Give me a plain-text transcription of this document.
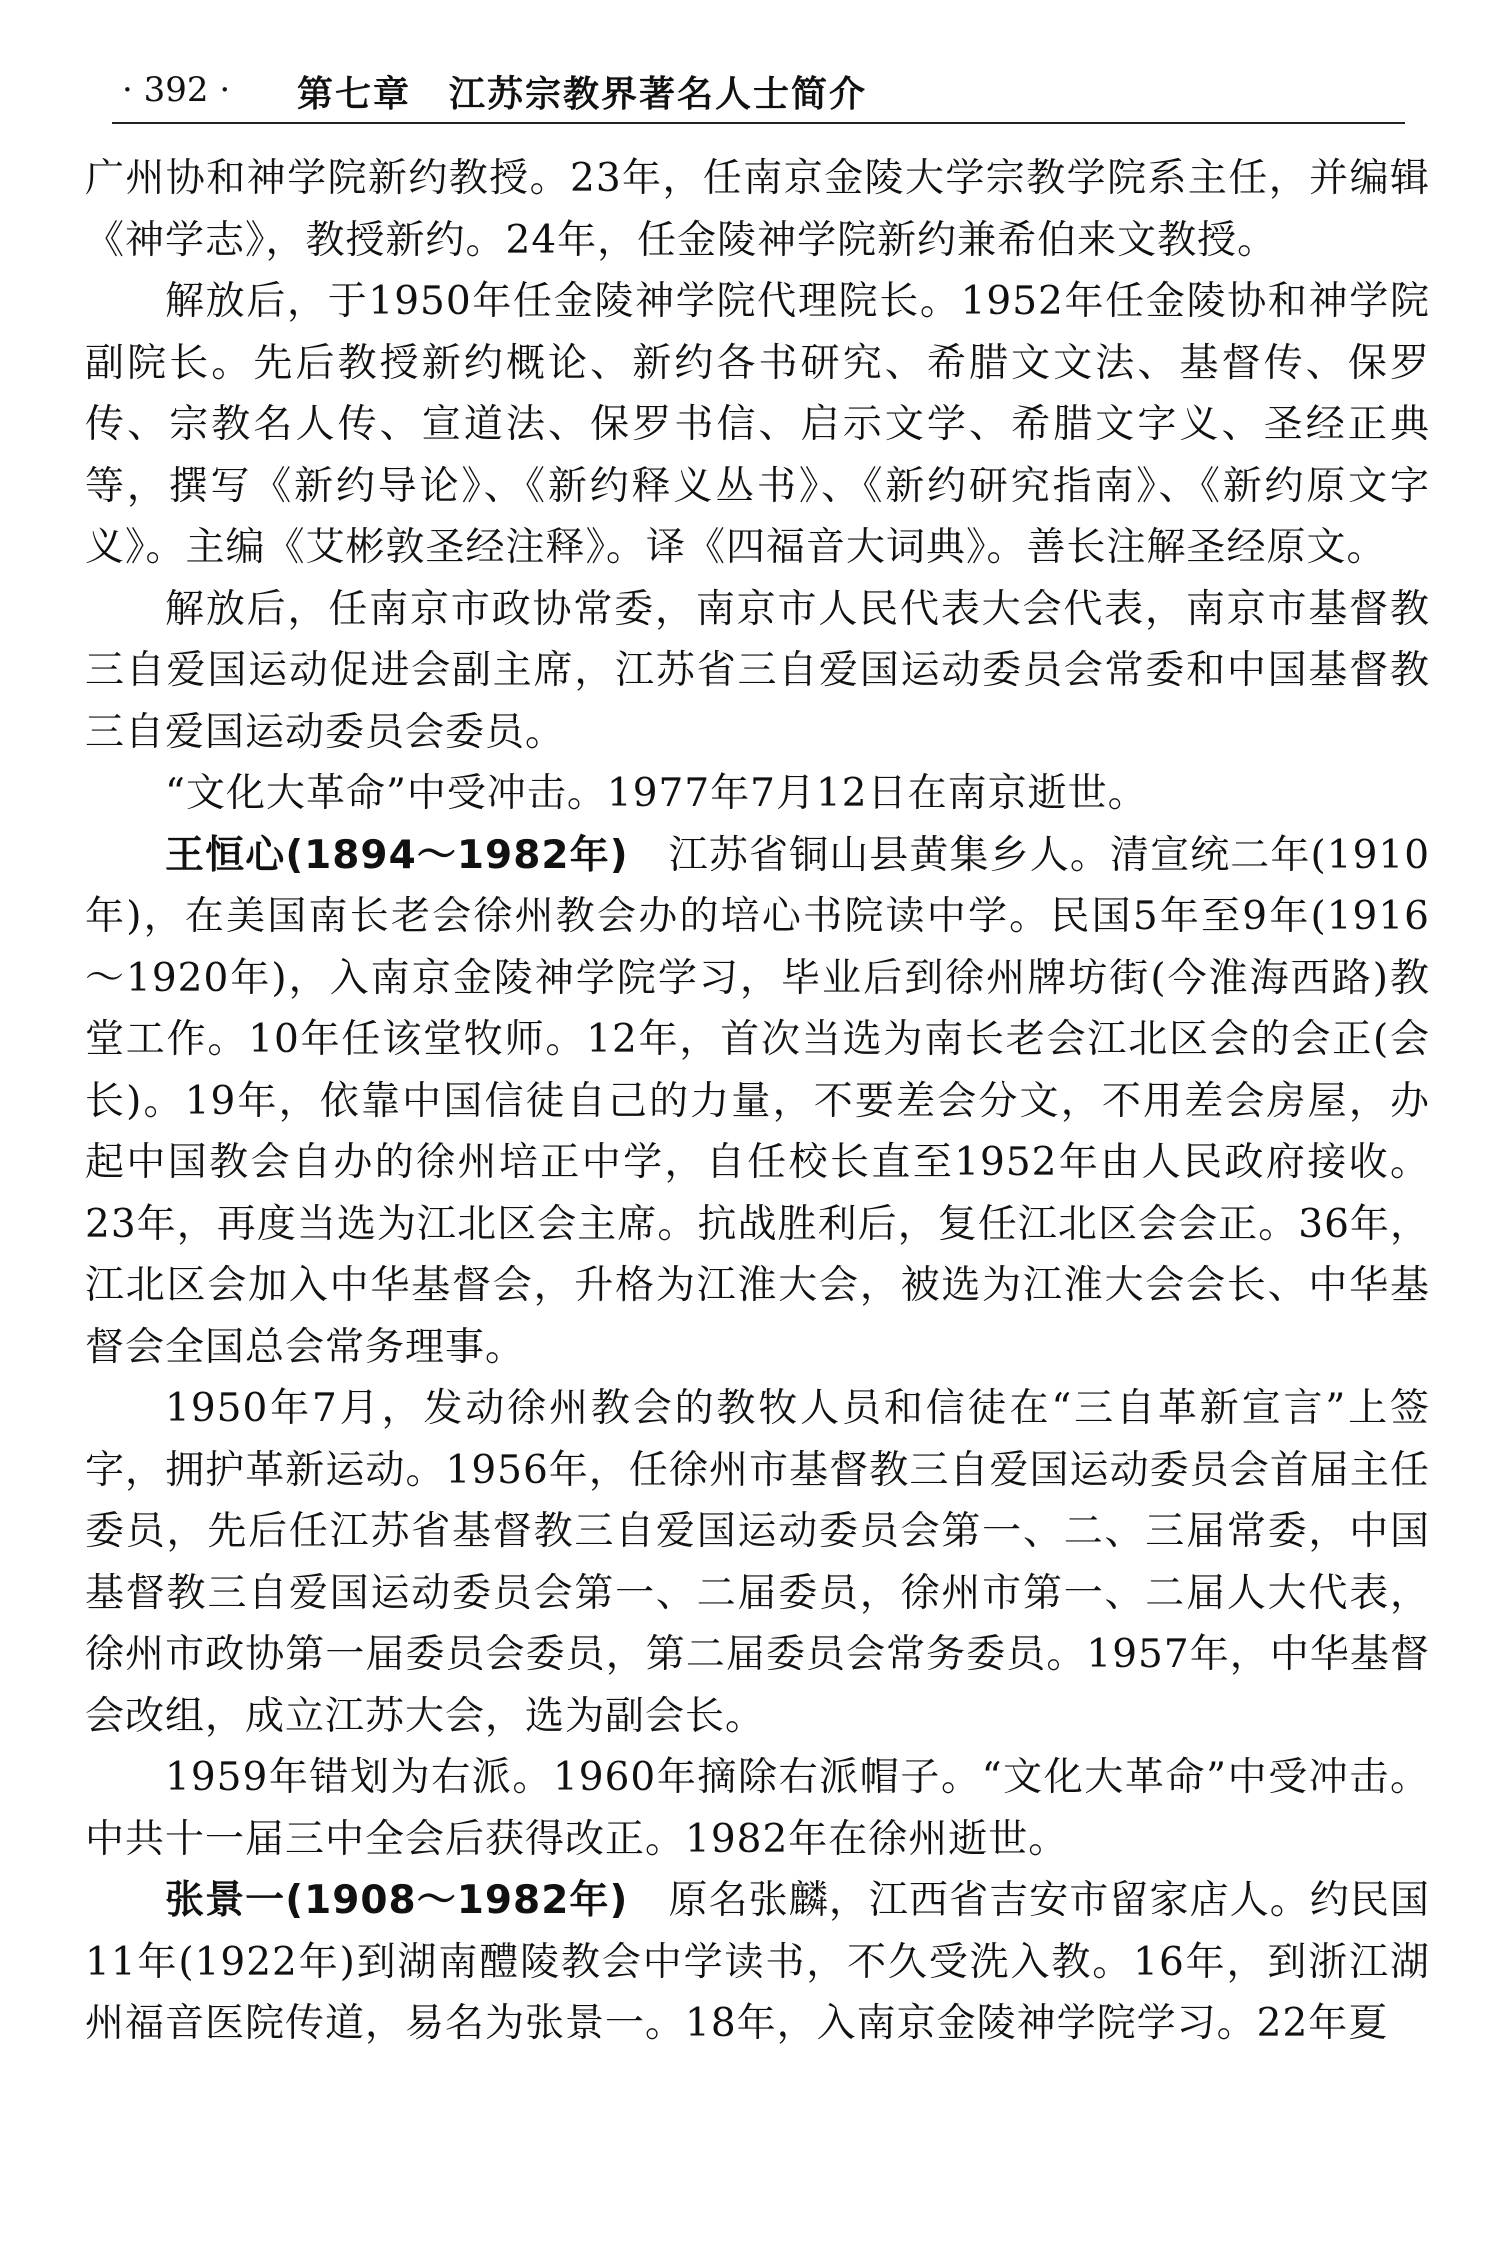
· 392 · 第七章　江苏宗教界著名人士简介

广州协和神学院新约教授。23年，任南京金陵大学宗教学院系主任，并编辑《神学志》，教授新约。24年，任金陵神学院新约兼希伯来文教授。

解放后，于1950年任金陵神学院代理院长。1952年任金陵协和神学院副院长。先后教授新约概论、新约各书研究、希腊文文法、基督传、保罗传、宗教名人传、宣道法、保罗书信、启示文学、希腊文字义、圣经正典等，撰写《新约导论》、《新约释义丛书》、《新约研究指南》、《新约原文字义》。主编《艾彬敦圣经注释》。译《四福音大词典》。善长注解圣经原文。

解放后，任南京市政协常委，南京市人民代表大会代表，南京市基督教三自爱国运动促进会副主席，江苏省三自爱国运动委员会常委和中国基督教三自爱国运动委员会委员。

“文化大革命”中受冲击。1977年7月12日在南京逝世。

王恒心(1894～1982年)　江苏省铜山县黄集乡人。清宣统二年(1910年)，在美国南长老会徐州教会办的培心书院读中学。民国5年至9年(1916～1920年)，入南京金陵神学院学习，毕业后到徐州牌坊街(今淮海西路)教堂工作。10年任该堂牧师。12年，首次当选为南长老会江北区会的会正(会长)。19年，依靠中国信徒自己的力量，不要差会分文，不用差会房屋，办起中国教会自办的徐州培正中学，自任校长直至1952年由人民政府接收。23年，再度当选为江北区会主席。抗战胜利后，复任江北区会会正。36年，江北区会加入中华基督会，升格为江淮大会，被选为江淮大会会长、中华基督会全国总会常务理事。

1950年7月，发动徐州教会的教牧人员和信徒在“三自革新宣言”上签字，拥护革新运动。1956年，任徐州市基督教三自爱国运动委员会首届主任委员，先后任江苏省基督教三自爱国运动委员会第一、二、三届常委，中国基督教三自爱国运动委员会第一、二届委员，徐州市第一、二届人大代表，徐州市政协第一届委员会委员，第二届委员会常务委员。1957年，中华基督会改组，成立江苏大会，选为副会长。

1959年错划为右派。1960年摘除右派帽子。“文化大革命”中受冲击。中共十一届三中全会后获得改正。1982年在徐州逝世。

张景一(1908～1982年)　原名张麟，江西省吉安市留家店人。约民国11年(1922年)到湖南醴陵教会中学读书，不久受洗入教。16年，到浙江湖州福音医院传道，易名为张景一。18年，入南京金陵神学院学习。22年夏
